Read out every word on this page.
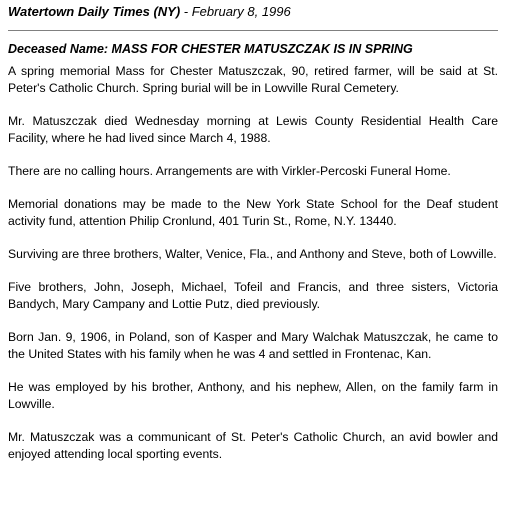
Watertown Daily Times (NY) - February 8, 1996
Deceased Name: MASS FOR CHESTER MATUSZCZAK IS IN SPRING

A spring memorial Mass for Chester Matuszczak, 90, retired farmer, will be said at St. Peter's Catholic Church. Spring burial will be in Lowville Rural Cemetery.

Mr. Matuszczak died Wednesday morning at Lewis County Residential Health Care Facility, where he had lived since March 4, 1988.

There are no calling hours. Arrangements are with Virkler-Percoski Funeral Home.

Memorial donations may be made to the New York State School for the Deaf student activity fund, attention Philip Cronlund, 401 Turin St., Rome, N.Y. 13440.

Surviving are three brothers, Walter, Venice, Fla., and Anthony and Steve, both of Lowville.

Five brothers, John, Joseph, Michael, Tofeil and Francis, and three sisters, Victoria Bandych, Mary Campany and Lottie Putz, died previously.

Born Jan. 9, 1906, in Poland, son of Kasper and Mary Walchak Matuszczak, he came to the United States with his family when he was 4 and settled in Frontenac, Kan.

He was employed by his brother, Anthony, and his nephew, Allen, on the family farm in Lowville.

Mr. Matuszczak was a communicant of St. Peter's Catholic Church, an avid bowler and enjoyed attending local sporting events.
